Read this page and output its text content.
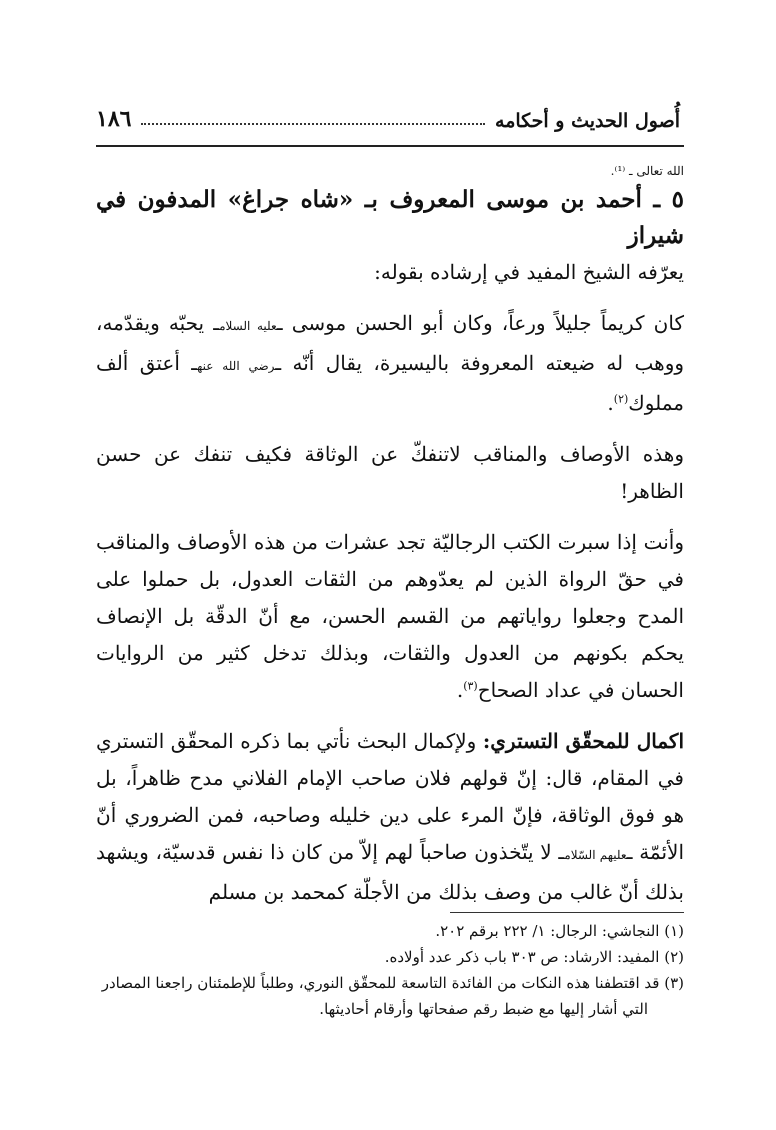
أُصول الحديث و أحكامه
١٨٦

الله تعالى ـ ⁽¹⁾.

٥ ـ أحمد بن موسى المعروف بـ «شاه جراغ» المدفون في شيراز

يعرّفه الشيخ المفيد في إرشاده بقوله:

كان كريماً جليلاً ورعاً، وكان أبو الحسن موسى ـعليه السلامـ يحبّه ويقدّمه، ووهب له ضيعته المعروفة باليسيرة، يقال أنّه ـرضي الله عنهـ أعتق ألف مملوك$^{(٢)}$.

وهذه الأوصاف والمناقب لاتنفكّ عن الوثاقة فكيف تنفك عن حسن الظاهر!

وأنت إذا سبرت الكتب الرجاليّة تجد عشرات من هذه الأوصاف والمناقب في حقّ الرواة الذين لم يعدّوهم من الثقات العدول، بل حملوا على المدح وجعلوا رواياتهم من القسم الحسن، مع أنّ الدقّة بل الإنصاف يحكم بكونهم من العدول والثقات، وبذلك تدخل كثير من الروايات الحسان في عداد الصحاح$^{(٣)}$.

اكمال للمحقّق التستري: ولإكمال البحث نأتي بما ذكره المحقّق التستري في المقام، قال: إنّ قولهم فلان صاحب الإمام الفلاني مدح ظاهراً، بل هو فوق الوثاقة، فإنّ المرء على دين خليله وصاحبه، فمن الضروري أنّ الأئمّة ـعليهم السّلامـ لا يتّخذون صاحباً لهم إلاّ من كان ذا نفس قدسيّة، ويشهد بذلك أنّ غالب من وصف بذلك من الأجلّة كمحمد بن مسلم

(١) النجاشي: الرجال: ١/ ٢٢٢ برقم ٢٠٢.

(٢) المفيد: الارشاد: ص ٣٠٣ باب ذكر عدد أولاده.

(٣) قد اقتطفنا هذه النكات من الفائدة التاسعة للمحقّق النوري، وطلباً للإطمئنان راجعنا المصادر

التي أشار إليها مع ضبط رقم صفحاتها وأرقام أحاديثها.
